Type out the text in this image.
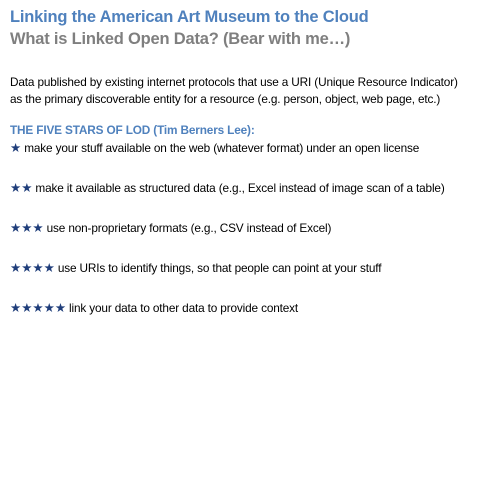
Linking the American Art Museum to the Cloud
What is Linked Open Data? (Bear with me…)

Data published by existing internet protocols that use a URI (Unique Resource Indicator) as the primary discoverable entity for a resource (e.g. person, object, web page, etc.)

THE FIVE STARS OF LOD (Tim Berners Lee):
★ make your stuff available on the web (whatever format) under an open license
★★ make it available as structured data (e.g., Excel instead of image scan of a table)
★★★ use non-proprietary formats (e.g., CSV instead of Excel)
★★★★ use URIs to identify things, so that people can point at your stuff
★★★★★ link your data to other data to provide context
